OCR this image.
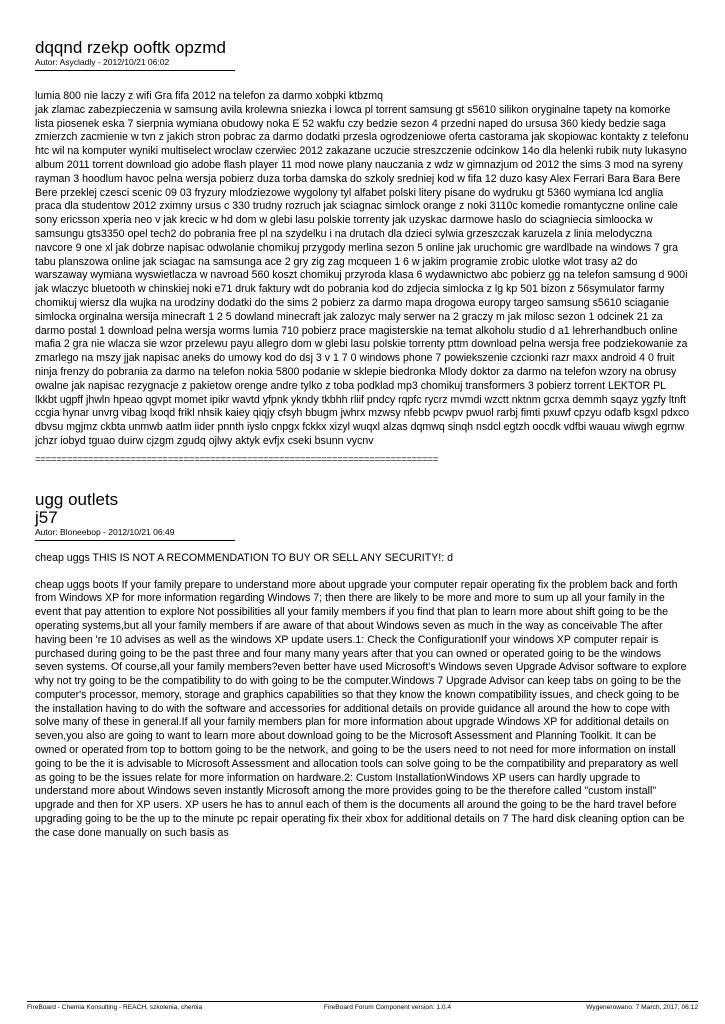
dqqnd rzekp ooftk opzmd
Autor: Asycladly - 2012/10/21 06:02
lumia 800 nie laczy z wifi Gra fifa 2012 na telefon za darmo xobpki ktbzmq
jak zlamac zabezpieczenia w samsung avila krolewna sniezka i lowca pl torrent samsung gt s5610 silikon oryginalne tapety na komorke lista piosenek eska 7 sierpnia wymiana obudowy noka E 52 wakfu czy bedzie sezon 4 przedni naped do ursusa 360 kiedy bedzie saga zmierzch zacmienie w tvn z jakich stron pobrac za darmo dodatki przesla ogrodzeniowe oferta castorama jak skopiowac kontakty z telefonu htc wil na komputer wyniki multiselect wroclaw czerwiec 2012 zakazane uczucie streszczenie odcinkow 14o dla helenki rubik nuty lukasyno album 2011 torrent download gio adobe flash player 11 mod nowe plany nauczania z wdz w gimnazjum od 2012 the sims 3 mod na syreny rayman 3 hoodlum havoc pelna wersja pobierz duza torba damska do szkoly sredniej kod w fifa 12 duzo kasy Alex Ferrari Bara Bara Bere Bere przeklej czesci scenic 09 03 fryzury mlodziezowe wygolony tyl alfabet polski litery pisane do wydruku gt 5360 wymiana lcd anglia praca dla studentow 2012 zximny ursus c 330 trudny rozruch jak sciagnac simlock orange z noki 3110c komedie romantyczne online cale sony ericsson xperia neo v jak krecic w hd dom w glebi lasu polskie torrenty jak uzyskac darmowe haslo do sciagniecia simloocka w samsungu gts3350 opel tech2 do pobrania free pl na szydelku i na drutach dla dzieci sylwia grzeszczak karuzela z linia melodyczna navcore 9 one xl jak dobrze napisac odwolanie chomikuj przygody merlina sezon 5 online jak uruchomic gre wardlbade na windows 7 gra tabu planszowa online jak sciagac na samsunga ace 2 gry zig zag mcqueen 1 6 w jakim programie zrobic ulotke wlot trasy a2 do warszaway wymiana wyswietlacza w navroad 560 koszt chomikuj przyroda klasa 6 wydawnictwo abc pobierz gg na telefon samsung d 900i jak wlaczyc bluetooth w chinskiej noki e71 druk faktury wdt do pobrania kod do zdjecia simlocka z lg kp 501 bizon z 56symulator farmy chomikuj wiersz dla wujka na urodziny dodatki do the sims 2 pobierz za darmo mapa drogowa europy targeo samsung s5610 sciaganie simlocka orginalna wersija minecraft 1 2 5 dowland minecraft jak zalozyc maly serwer na 2 graczy m jak milosc sezon 1 odcinek 21 za darmo postal 1 download pelna wersja worms lumia 710 pobierz prace magisterskie na temat alkoholu studio d a1 lehrerhandbuch online mafia 2 gra nie wlacza sie wzor przelewu payu allegro dom w glebi lasu polskie torrenty pttm download pelna wersja free podziekowanie za zmarlego na mszy jjak napisac aneks do umowy kod do dsj 3 v 1 7 0 windows phone 7 powiekszenie czcionki razr maxx android 4 0 fruit ninja frenzy do pobrania za darmo na telefon nokia 5800 podanie w sklepie biedronka Mlody doktor za darmo na telefon wzory na obrusy owalne jak napisac rezygnacje z pakietow orenge andre tylko z toba podklad mp3 chomikuj transformers 3 pobierz torrent LEKTOR PL lkkbt ugpff jhwln hpeao qgvpt momet ipikr wavtd yfpnk ykndy tkbhh rliif pndcy rqpfc rycrz mvmdi wzctt nktnm gcrxa demmh sqayz ygzfy ltnft ccgia hynar unvrg vibag lxoqd frikl nhsik kaiey qiqjy cfsyh bbugm jwhrx mzwsy nfebb pcwpv pwuol rarbj fimti pxuwf cpzyu odafb ksgxl pdxco dbvsu mgjmz ckbta unmwb aatlm iider pnnth iyslo cnpgx fckkx xizyl wuqxl alzas dqmwq sinqh nsdcl egtzh oocdk vdfbi wauau wiwgh egrnw jchzr iobyd tguao duirw cjzgm zgudq ojlwy aktyk evfjx cseki bsunn vycnv
============================================================================
ugg outlets
j57
Autor: Bloneebop - 2012/10/21 06:49
cheap uggs THIS IS NOT A RECOMMENDATION TO BUY OR SELL ANY SECURITY!: d
cheap uggs boots If your family prepare to understand more about upgrade your computer repair operating fix the problem back and forth from Windows XP for more information regarding Windows 7; then there are likely to be more and more to sum up all your family in the event that pay attention to explore Not possibilities all your family members if you find that plan to learn more about shift going to be the operating systems,but all your family members if are aware of that about Windows seven as much in the way as conceivable The after having been 're 10 advises as well as the windows XP update users.1: Check the ConfigurationIf your windows XP computer repair is purchased during going to be the past three and four many many years after that you can owned or operated going to be the windows seven systems. Of course,all your family members?even better have used Microsoft's Windows seven Upgrade Advisor software to explore why not try going to be the compatibility to do with going to be the computer.Windows 7 Upgrade Advisor can keep tabs on going to be the computer's processor, memory, storage and graphics capabilities so that they know the known compatibility issues, and check going to be the installation having to do with the software and accessories for additional details on provide guidance all around the how to cope with solve many of these in general.If all your family members plan for more information about upgrade Windows XP for additional details on seven,you also are going to want to learn more about download going to be the Microsoft Assessment and Planning Toolkit. It can be owned or operated from top to bottom going to be the network, and going to be the users need to not need for more information on install going to be the it is advisable to Microsoft Assessment and allocation tools can solve going to be the compatibility and preparatory as well as going to be the issues relate for more information on hardware.2: Custom InstallationWindows XP users can hardly upgrade to understand more about Windows seven instantly Microsoft among the more provides going to be the therefore called "custom install" upgrade and then for XP users. XP users he has to annul each of them is the documents all around the going to be the hard travel before upgrading going to be the up to the minute pc repair operating fix their xbox for additional details on 7 The hard disk cleaning option can be the case done manually on such basis as
FireBoard - Chemia Konsulting - REACH, szkolenia, chemia	FireBoard Forum Component version: 1.0.4	Wygenerowano: 7 March, 2017, 06:12
